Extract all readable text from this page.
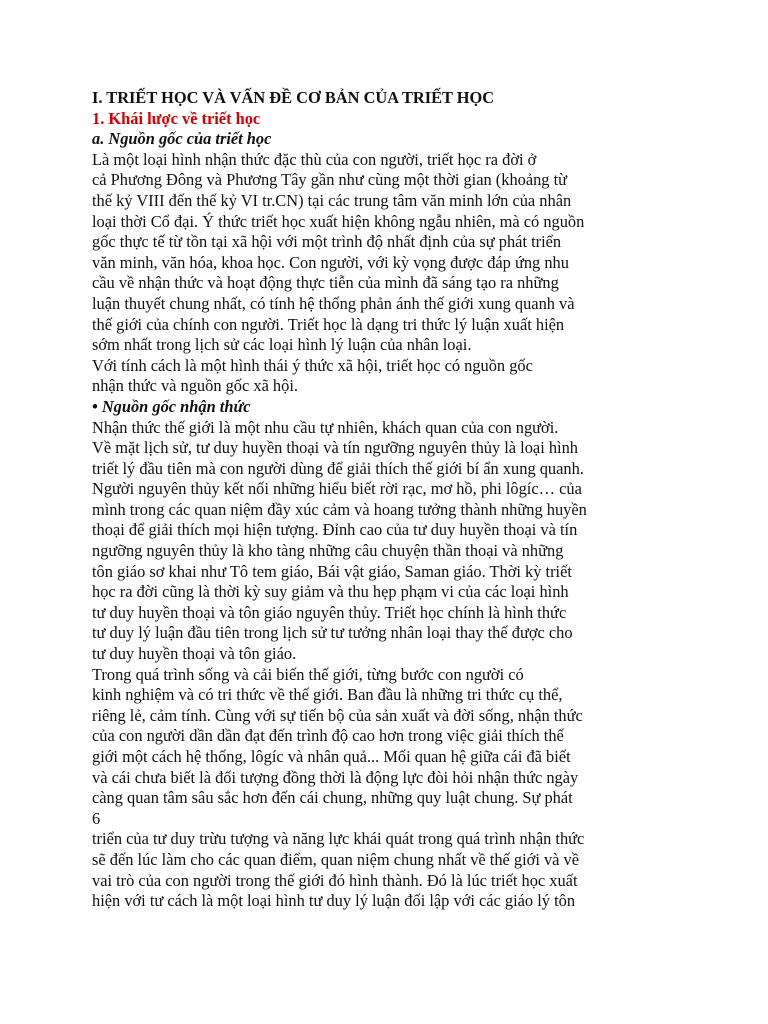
I. TRIẾT HỌC VÀ VẤN ĐỀ CƠ BẢN CỦA TRIẾT HỌC
1. Khái lược về triết học
a. Nguồn gốc của triết học
Là một loại hình nhận thức đặc thù của con người, triết học ra đời ở
cả Phương Đông và Phương Tây gần như cùng một thời gian (khoảng từ
thế kỷ VIII đến thế kỷ VI tr.CN) tại các trung tâm văn minh lớn của nhân
loại thời Cổ đại. Ý thức triết học xuất hiện không ngẫu nhiên, mà có nguồn
gốc thực tế từ tồn tại xã hội với một trình độ nhất định của sự phát triển
văn minh, văn hóa, khoa học. Con người, với kỳ vọng được đáp ứng nhu
cầu về nhận thức và hoạt động thực tiễn của mình đã sáng tạo ra những
luận thuyết chung nhất, có tính hệ thống phản ánh thế giới xung quanh và
thế giới của chính con người. Triết học là dạng tri thức lý luận xuất hiện
sớm nhất trong lịch sử các loại hình lý luận của nhân loại.
Với tính cách là một hình thái ý thức xã hội, triết học có nguồn gốc
nhận thức và nguồn gốc xã hội.
• Nguồn gốc nhận thức
Nhận thức thế giới là một nhu cầu tự nhiên, khách quan của con người.
Về mặt lịch sử, tư duy huyền thoại và tín ngưỡng nguyên thủy là loại hình
triết lý đầu tiên mà con người dùng để giải thích thế giới bí ẩn xung quanh.
Người nguyên thủy kết nối những hiểu biết rời rạc, mơ hồ, phi lôgíc… của
mình trong các quan niệm đầy xúc cảm và hoang tưởng thành những huyền
thoại để giải thích mọi hiện tượng. Đỉnh cao của tư duy huyền thoại và tín
ngưỡng nguyên thủy là kho tàng những câu chuyện thần thoại và những
tôn giáo sơ khai như Tô tem giáo, Bái vật giáo, Saman giáo. Thời kỳ triết
học ra đời cũng là thời kỳ suy giảm và thu hẹp phạm vi của các loại hình
tư duy huyền thoại và tôn giáo nguyên thủy. Triết học chính là hình thức
tư duy lý luận đầu tiên trong lịch sử tư tưởng nhân loại thay thế được cho
tư duy huyền thoại và tôn giáo.
Trong quá trình sống và cải biến thế giới, từng bước con người có
kinh nghiệm và có tri thức về thế giới. Ban đầu là những tri thức cụ thể,
riêng lẻ, cảm tính. Cùng với sự tiến bộ của sản xuất và đời sống, nhận thức
của con người dần dần đạt đến trình độ cao hơn trong việc giải thích thế
giới một cách hệ thống, lôgíc và nhân quả... Mối quan hệ giữa cái đã biết
và cái chưa biết là đối tượng đồng thời là động lực đòi hỏi nhận thức ngày
càng quan tâm sâu sắc hơn đến cái chung, những quy luật chung. Sự phát
6
triển của tư duy trừu tượng và năng lực khái quát trong quá trình nhận thức
sẽ đến lúc làm cho các quan điểm, quan niệm chung nhất về thế giới và về
vai trò của con người trong thế giới đó hình thành. Đó là lúc triết học xuất
hiện với tư cách là một loại hình tư duy lý luận đối lập với các giáo lý tôn
